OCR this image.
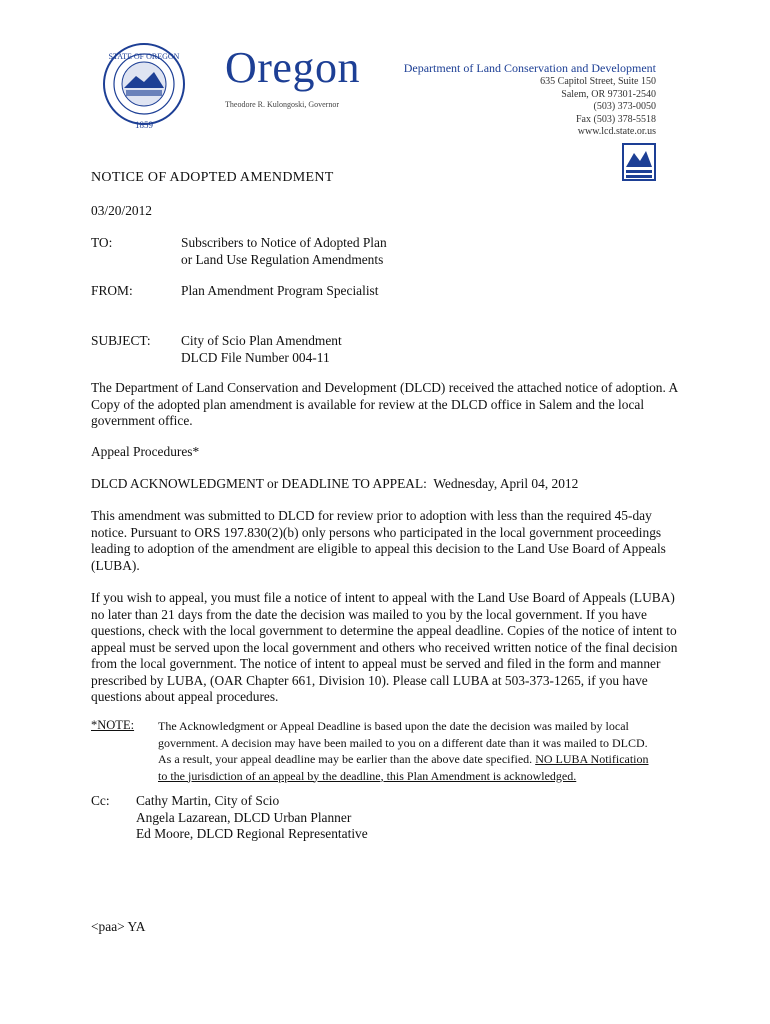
STATE OF OREGON
1859
Oregon
Theodore R. Kulongoski, Governor
Department of Land Conservation and Development
635 Capitol Street, Suite 150
Salem, OR 97301-2540
(503) 373-0050
Fax (503) 378-5518
www.lcd.state.or.us
NOTICE OF ADOPTED AMENDMENT
03/20/2012
TO:	Subscribers to Notice of Adopted Plan
or Land Use Regulation Amendments
FROM:	Plan Amendment Program Specialist
SUBJECT: City of Scio Plan Amendment
DLCD File Number 004-11
The Department of Land Conservation and Development (DLCD) received the attached notice of adoption. A Copy of the adopted plan amendment is available for review at the DLCD office in Salem and the local government office.
Appeal Procedures*
DLCD ACKNOWLEDGMENT or DEADLINE TO APPEAL: Wednesday, April 04, 2012
This amendment was submitted to DLCD for review prior to adoption with less than the required 45-day notice. Pursuant to ORS 197.830(2)(b) only persons who participated in the local government proceedings leading to adoption of the amendment are eligible to appeal this decision to the Land Use Board of Appeals (LUBA).
If you wish to appeal, you must file a notice of intent to appeal with the Land Use Board of Appeals (LUBA) no later than 21 days from the date the decision was mailed to you by the local government. If you have questions, check with the local government to determine the appeal deadline. Copies of the notice of intent to appeal must be served upon the local government and others who received written notice of the final decision from the local government. The notice of intent to appeal must be served and filed in the form and manner prescribed by LUBA, (OAR Chapter 661, Division 10). Please call LUBA at 503-373-1265, if you have questions about appeal procedures.
*NOTE: The Acknowledgment or Appeal Deadline is based upon the date the decision was mailed by local government. A decision may have been mailed to you on a different date than it was mailed to DLCD. As a result, your appeal deadline may be earlier than the above date specified. NO LUBA Notification to the jurisdiction of an appeal by the deadline, this Plan Amendment is acknowledged.
Cc: Cathy Martin, City of Scio
Angela Lazarean, DLCD Urban Planner
Ed Moore, DLCD Regional Representative
<paa> YA
